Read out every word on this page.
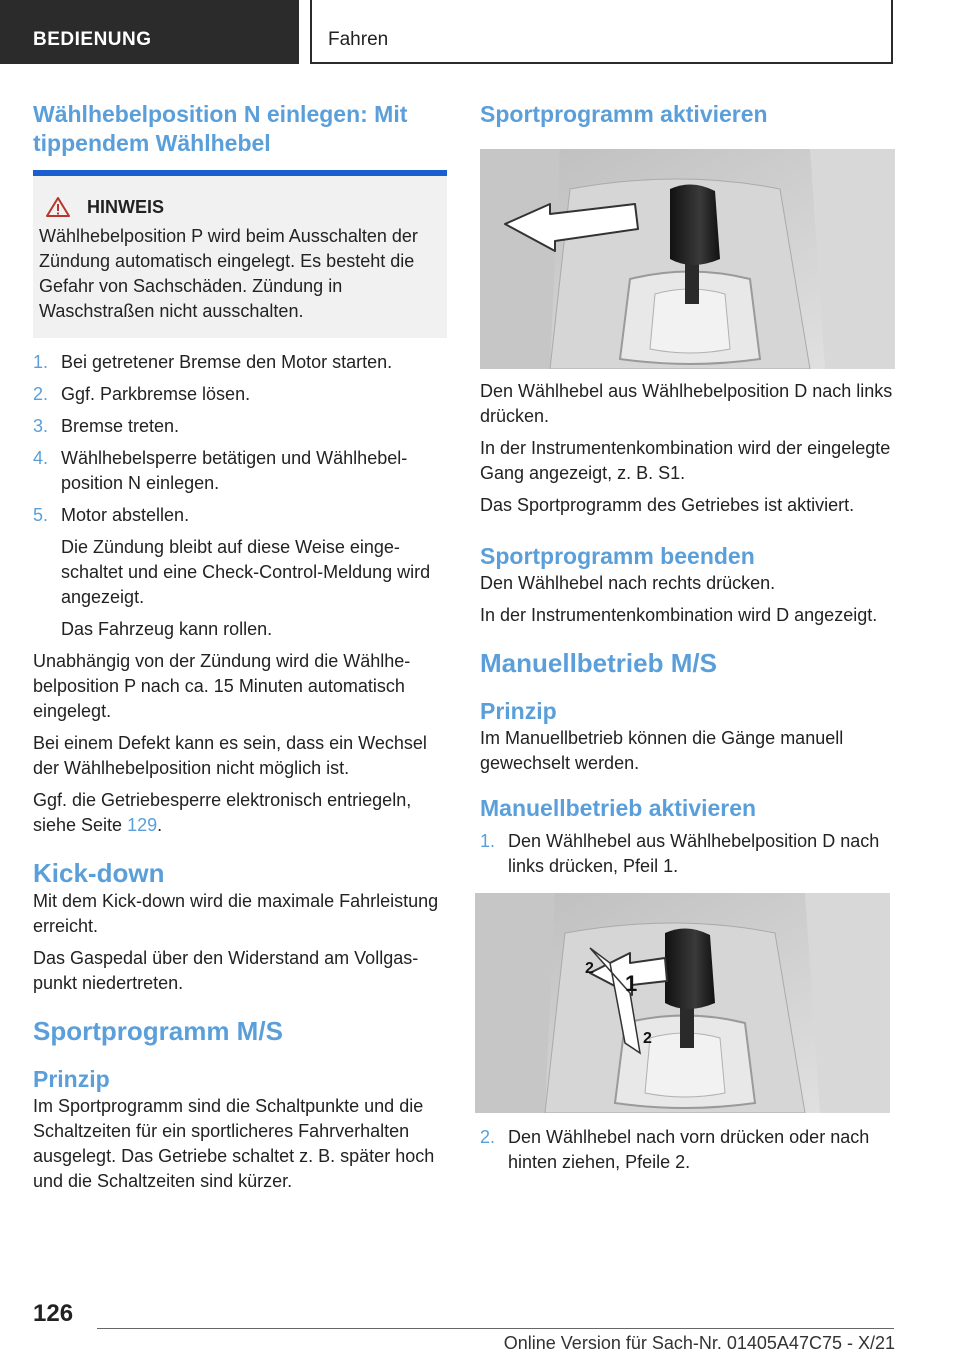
BEDIENUNG	Fahren
Wählhebelposition N einlegen: Mit tippendem Wählhebel
HINWEIS

Wählhebelposition P wird beim Ausschalten der Zündung automatisch eingelegt. Es besteht die Gefahr von Sachschäden. Zündung in Waschstraßen nicht ausschalten.

1. Bei getretener Bremse den Motor starten.
2. Ggf. Parkbremse lösen.
3. Bremse treten.
4. Wählhebelsperre betätigen und Wählhebelposition N einlegen.
5. Motor abstellen.

Die Zündung bleibt auf diese Weise eingeschaltet und eine Check-Control-Meldung wird angezeigt.

Das Fahrzeug kann rollen.

Unabhängig von der Zündung wird die Wählhebelposition P nach ca. 15 Minuten automatisch eingelegt.

Bei einem Defekt kann es sein, dass ein Wechsel der Wählhebelposition nicht möglich ist.

Ggf. die Getriebesperre elektronisch entriegeln, siehe Seite 129.

Kick-down

Mit dem Kick-down wird die maximale Fahrleistung erreicht.

Das Gaspedal über den Widerstand am Vollgaspunkt niedertreten.

Sportprogramm M/S
Prinzip

Im Sportprogramm sind die Schaltpunkte und die Schaltzeiten für ein sportlicheres Fahrverhalten ausgelegt. Das Getriebe schaltet z. B. später hoch und die Schaltzeiten sind kürzer.

Sportprogramm aktivieren

Den Wählhebel aus Wählhebelposition D nach links drücken.

In der Instrumentenkombination wird der eingelegte Gang angezeigt, z. B. S1.

Das Sportprogramm des Getriebes ist aktiviert.

Sportprogramm beenden

Den Wählhebel nach rechts drücken.

In der Instrumentenkombination wird D angezeigt.

Manuellbetrieb M/S
Prinzip

Im Manuellbetrieb können die Gänge manuell gewechselt werden.

Manuellbetrieb aktivieren
1. Den Wählhebel aus Wählhebelposition D nach links drücken, Pfeil 1.
1
2
2
2. Den Wählhebel nach vorn drücken oder nach hinten ziehen, Pfeile 2.
126
Online Version für Sach-Nr. 01405A47C75 - X/21
